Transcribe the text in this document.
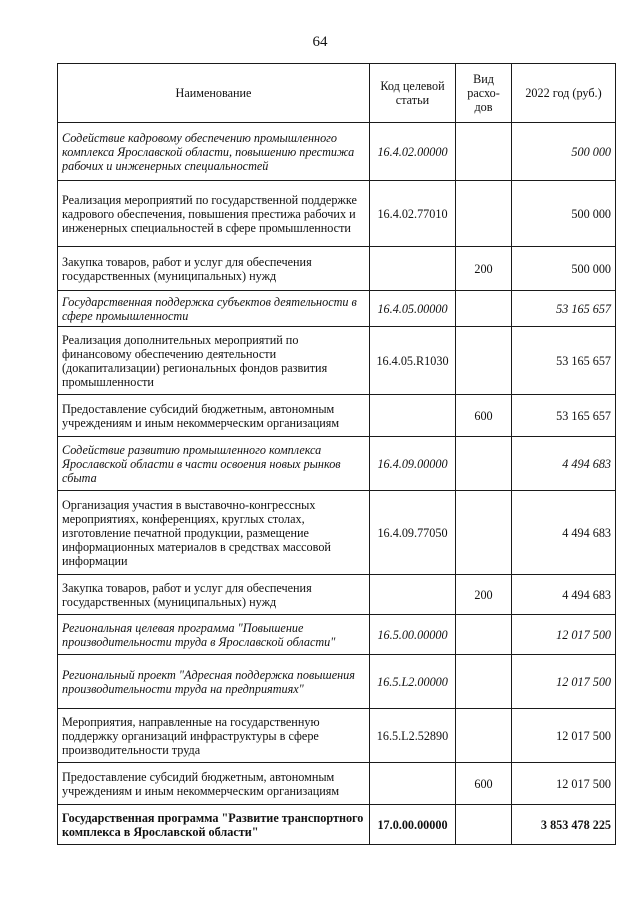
64
Наименование	Код целевой статьи	Вид расхо-дов	2022 год (руб.)
Содействие кадровому обеспечению промышленного комплекса Ярославской области, повышению престижа рабочих и инженерных специальностей	16.4.02.00000		500 000
Реализация мероприятий по государственной поддержке кадрового обеспечения, повышения престижа рабочих и инженерных специальностей в сфере промышленности	16.4.02.77010		500 000
Закупка товаров, работ и услуг для обеспечения государственных (муниципальных) нужд		200	500 000
Государственная поддержка субъектов деятельности в сфере промышленности	16.4.05.00000		53 165 657
Реализация дополнительных мероприятий по финансовому обеспечению деятельности (докапитализации) региональных фондов развития промышленности	16.4.05.R1030		53 165 657
Предоставление субсидий бюджетным, автономным учреждениям и иным некоммерческим организациям		600	53 165 657
Содействие развитию промышленного комплекса Ярославской области в части освоения новых рынков сбыта	16.4.09.00000		4 494 683
Организация участия в выставочно-конгрессных мероприятиях, конференциях, круглых столах, изготовление печатной продукции, размещение информационных материалов в средствах массовой информации	16.4.09.77050		4 494 683
Закупка товаров, работ и услуг для обеспечения государственных (муниципальных) нужд		200	4 494 683
Региональная целевая программа "Повышение производительности труда в Ярославской области"	16.5.00.00000		12 017 500
Региональный проект "Адресная поддержка повышения производительности труда на предприятиях"	16.5.L2.00000		12 017 500
Мероприятия, направленные на государственную поддержку организаций инфраструктуры в сфере производительности труда	16.5.L2.52890		12 017 500
Предоставление субсидий бюджетным, автономным учреждениям и иным некоммерческим организациям		600	12 017 500
Государственная программа "Развитие транспортного комплекса в Ярославской области"	17.0.00.00000		3 853 478 225
